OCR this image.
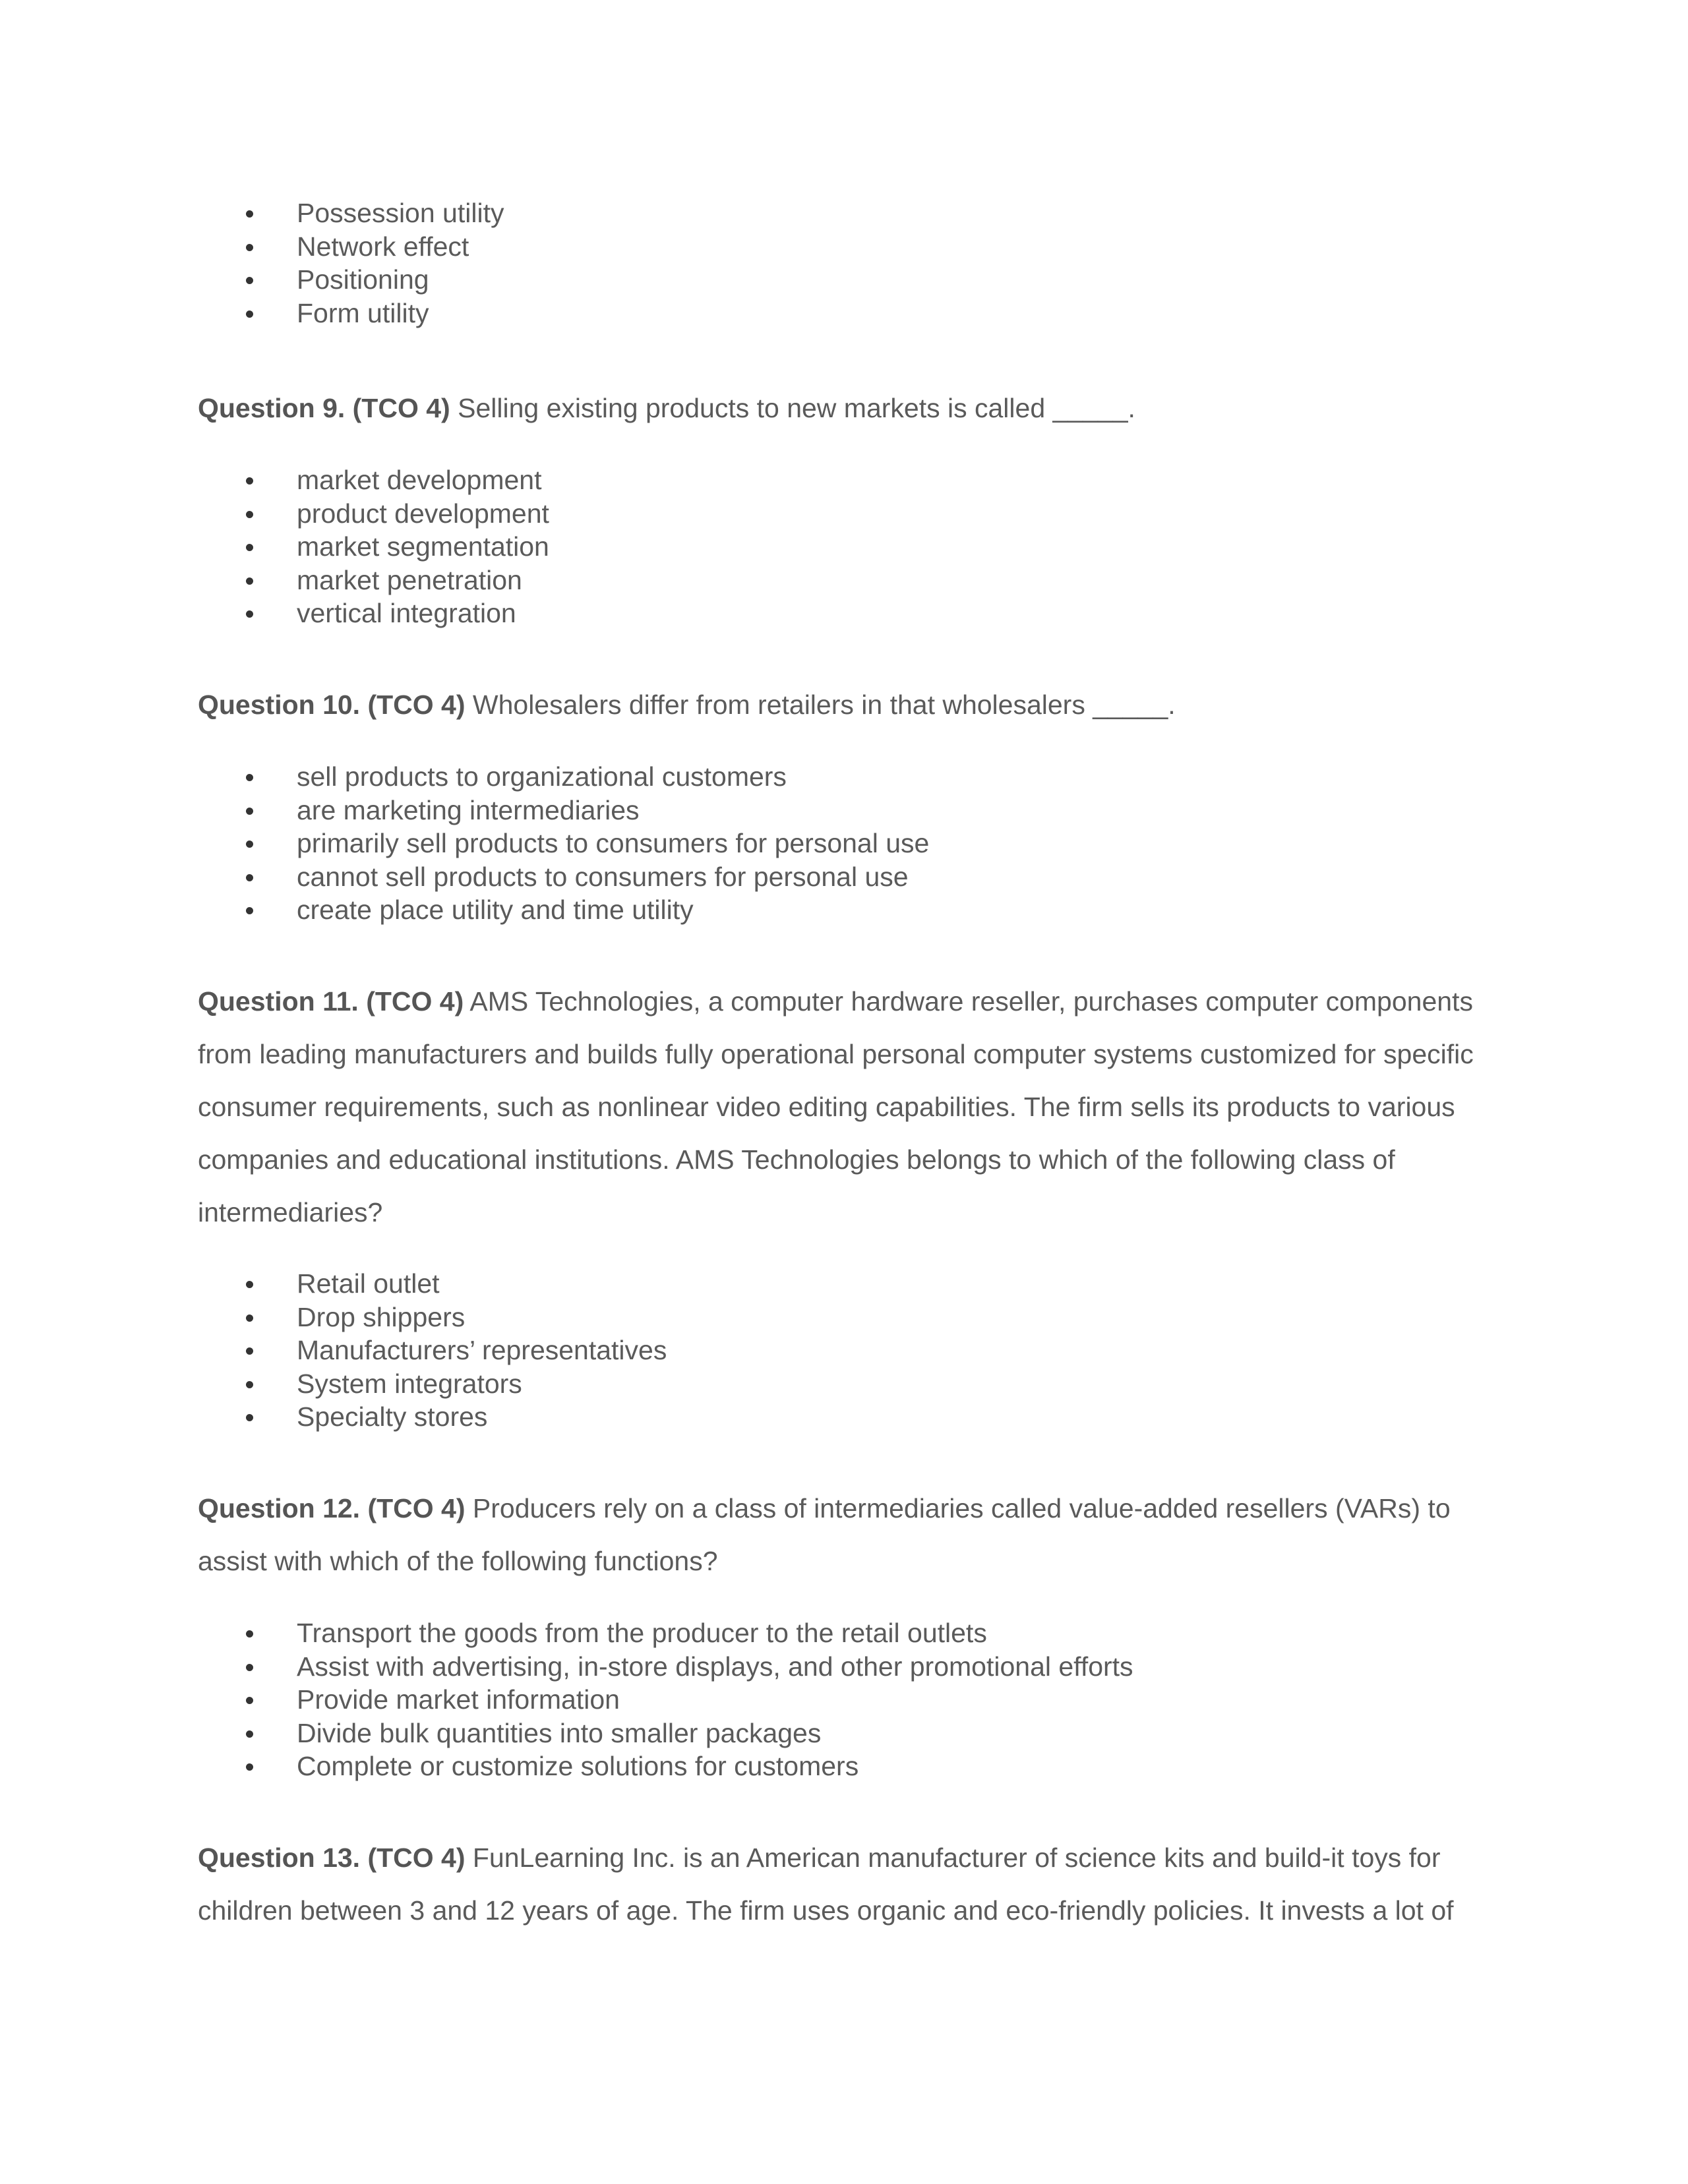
Possession utility
Network effect
Positioning
Form utility
Question 9. (TCO 4) Selling existing products to new markets is called _____.
market development
product development
market segmentation
market penetration
vertical integration
Question 10. (TCO 4) Wholesalers differ from retailers in that wholesalers _____.
sell products to organizational customers
are marketing intermediaries
primarily sell products to consumers for personal use
cannot sell products to consumers for personal use
create place utility and time utility
Question 11. (TCO 4) AMS Technologies, a computer hardware reseller, purchases computer components from leading manufacturers and builds fully operational personal computer systems customized for specific consumer requirements, such as nonlinear video editing capabilities. The firm sells its products to various companies and educational institutions. AMS Technologies belongs to which of the following class of intermediaries?
Retail outlet
Drop shippers
Manufacturers’ representatives
System integrators
Specialty stores
Question 12. (TCO 4) Producers rely on a class of intermediaries called value-added resellers (VARs) to assist with which of the following functions?
Transport the goods from the producer to the retail outlets
Assist with advertising, in-store displays, and other promotional efforts
Provide market information
Divide bulk quantities into smaller packages
Complete or customize solutions for customers
Question 13. (TCO 4) FunLearning Inc. is an American manufacturer of science kits and build-it toys for children between 3 and 12 years of age. The firm uses organic and eco-friendly policies. It invests a lot of
